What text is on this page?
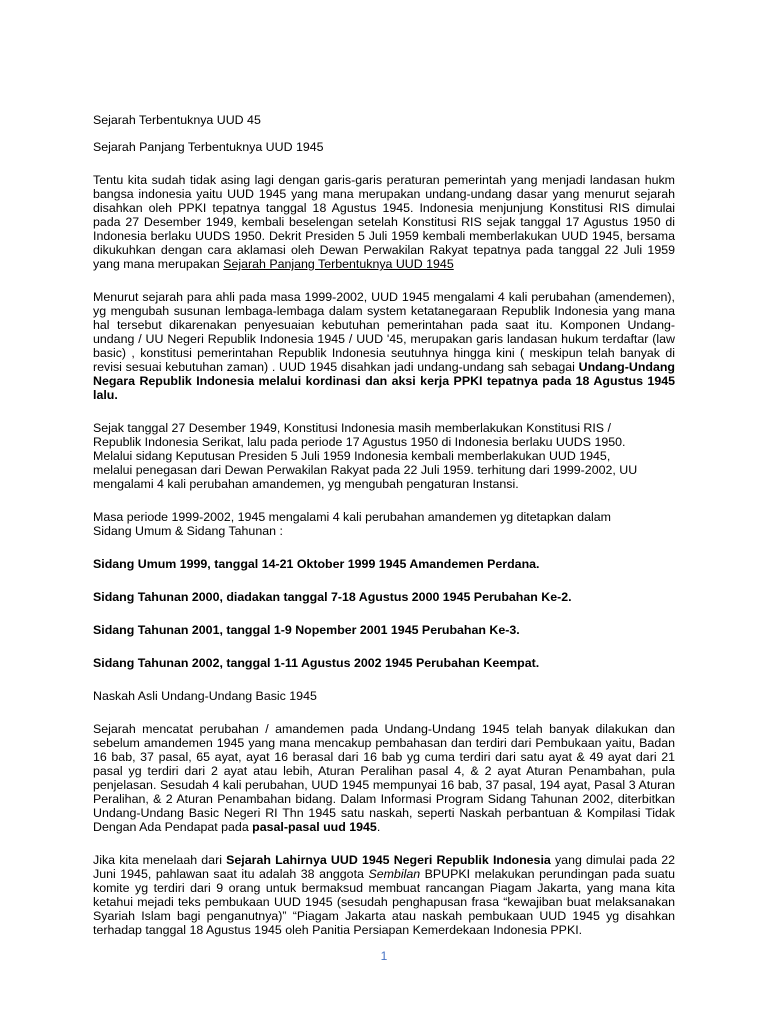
Sejarah Terbentuknya UUD 45

Sejarah Panjang Terbentuknya UUD 1945

Tentu kita sudah tidak asing lagi dengan garis-garis peraturan pemerintah yang menjadi landasan hukm bangsa indonesia yaitu UUD 1945 yang mana merupakan undang-undang dasar yang menurut sejarah disahkan oleh PPKI tepatnya tanggal 18 Agustus 1945. Indonesia menjunjung Konstitusi RIS dimulai pada 27 Desember 1949, kembali beselengan setelah Konstitusi RIS sejak tanggal 17 Agustus 1950 di Indonesia berlaku UUDS 1950. Dekrit Presiden 5 Juli 1959 kembali memberlakukan UUD 1945, bersama dikukuhkan dengan cara aklamasi oleh Dewan Perwakilan Rakyat tepatnya pada tanggal 22 Juli 1959 yang mana merupakan Sejarah Panjang Terbentuknya UUD 1945

Menurut sejarah para ahli pada masa 1999-2002, UUD 1945 mengalami 4 kali perubahan (amendemen), yg mengubah susunan lembaga-lembaga dalam system ketatanegaraan Republik Indonesia yang mana hal tersebut dikarenakan penyesuaian kebutuhan pemerintahan pada saat itu. Komponen Undang-undang / UU Negeri Republik Indonesia 1945 / UUD '45, merupakan garis landasan hukum terdaftar (law basic) , konstitusi pemerintahan Republik Indonesia seutuhnya hingga kini ( meskipun telah banyak di revisi sesuai kebutuhan zaman) . UUD 1945 disahkan jadi undang-undang sah sebagai Undang-Undang Negara Republik Indonesia melalui kordinasi dan aksi kerja PPKI tepatnya pada 18 Agustus 1945 lalu.

Sejak tanggal 27 Desember 1949, Konstitusi Indonesia masih memberlakukan Konstitusi RIS /

Republik Indonesia Serikat, lalu pada periode 17 Agustus 1950 di Indonesia berlaku UUDS 1950.

Melalui sidang Keputusan Presiden 5 Juli 1959 Indonesia kembali memberlakukan UUD 1945,

melalui penegasan dari Dewan Perwakilan Rakyat pada 22 Juli 1959. terhitung dari 1999-2002, UU

mengalami 4 kali perubahan amandemen, yg mengubah pengaturan Instansi.

Masa periode 1999-2002, 1945 mengalami 4 kali perubahan amandemen yg ditetapkan dalam

Sidang Umum & Sidang Tahunan :

Sidang Umum 1999, tanggal 14-21 Oktober 1999 1945 Amandemen Perdana.

Sidang Tahunan 2000, diadakan tanggal 7-18 Agustus 2000 1945 Perubahan Ke-2.

Sidang Tahunan 2001, tanggal 1-9 Nopember 2001 1945 Perubahan Ke-3.

Sidang Tahunan 2002, tanggal 1-11 Agustus 2002 1945 Perubahan Keempat.

Naskah Asli Undang-Undang Basic 1945

Sejarah mencatat perubahan / amandemen pada Undang-Undang 1945 telah banyak dilakukan dan sebelum amandemen 1945 yang mana mencakup pembahasan dan terdiri dari Pembukaan yaitu, Badan 16 bab, 37 pasal, 65 ayat, ayat 16 berasal dari 16 bab yg cuma terdiri dari satu ayat & 49 ayat dari 21 pasal yg terdiri dari 2 ayat atau lebih, Aturan Peralihan pasal 4, & 2 ayat Aturan Penambahan, pula penjelasan. Sesudah 4 kali perubahan, UUD 1945 mempunyai 16 bab, 37 pasal, 194 ayat, Pasal 3 Aturan Peralihan, & 2 Aturan Penambahan bidang. Dalam Informasi Program Sidang Tahunan 2002, diterbitkan Undang-Undang Basic Negeri RI Thn 1945 satu naskah, seperti Naskah perbantuan & Kompilasi Tidak Dengan Ada Pendapat pada pasal-pasal uud 1945.

Jika kita menelaah dari Sejarah Lahirnya UUD 1945 Negeri Republik Indonesia yang dimulai pada 22 Juni 1945, pahlawan saat itu adalah 38 anggota Sembilan BPUPKI melakukan perundingan pada suatu komite yg terdiri dari 9 orang untuk bermaksud membuat rancangan Piagam Jakarta, yang mana kita ketahui mejadi teks pembukaan UUD 1945 (sesudah penghapusan frasa “kewajiban buat melaksanakan Syariah Islam bagi penganutnya)” “Piagam Jakarta atau naskah pembukaan UUD 1945 yg disahkan terhadap tanggal 18 Agustus 1945 oleh Panitia Persiapan Kemerdekaan Indonesia PPKI.

1
